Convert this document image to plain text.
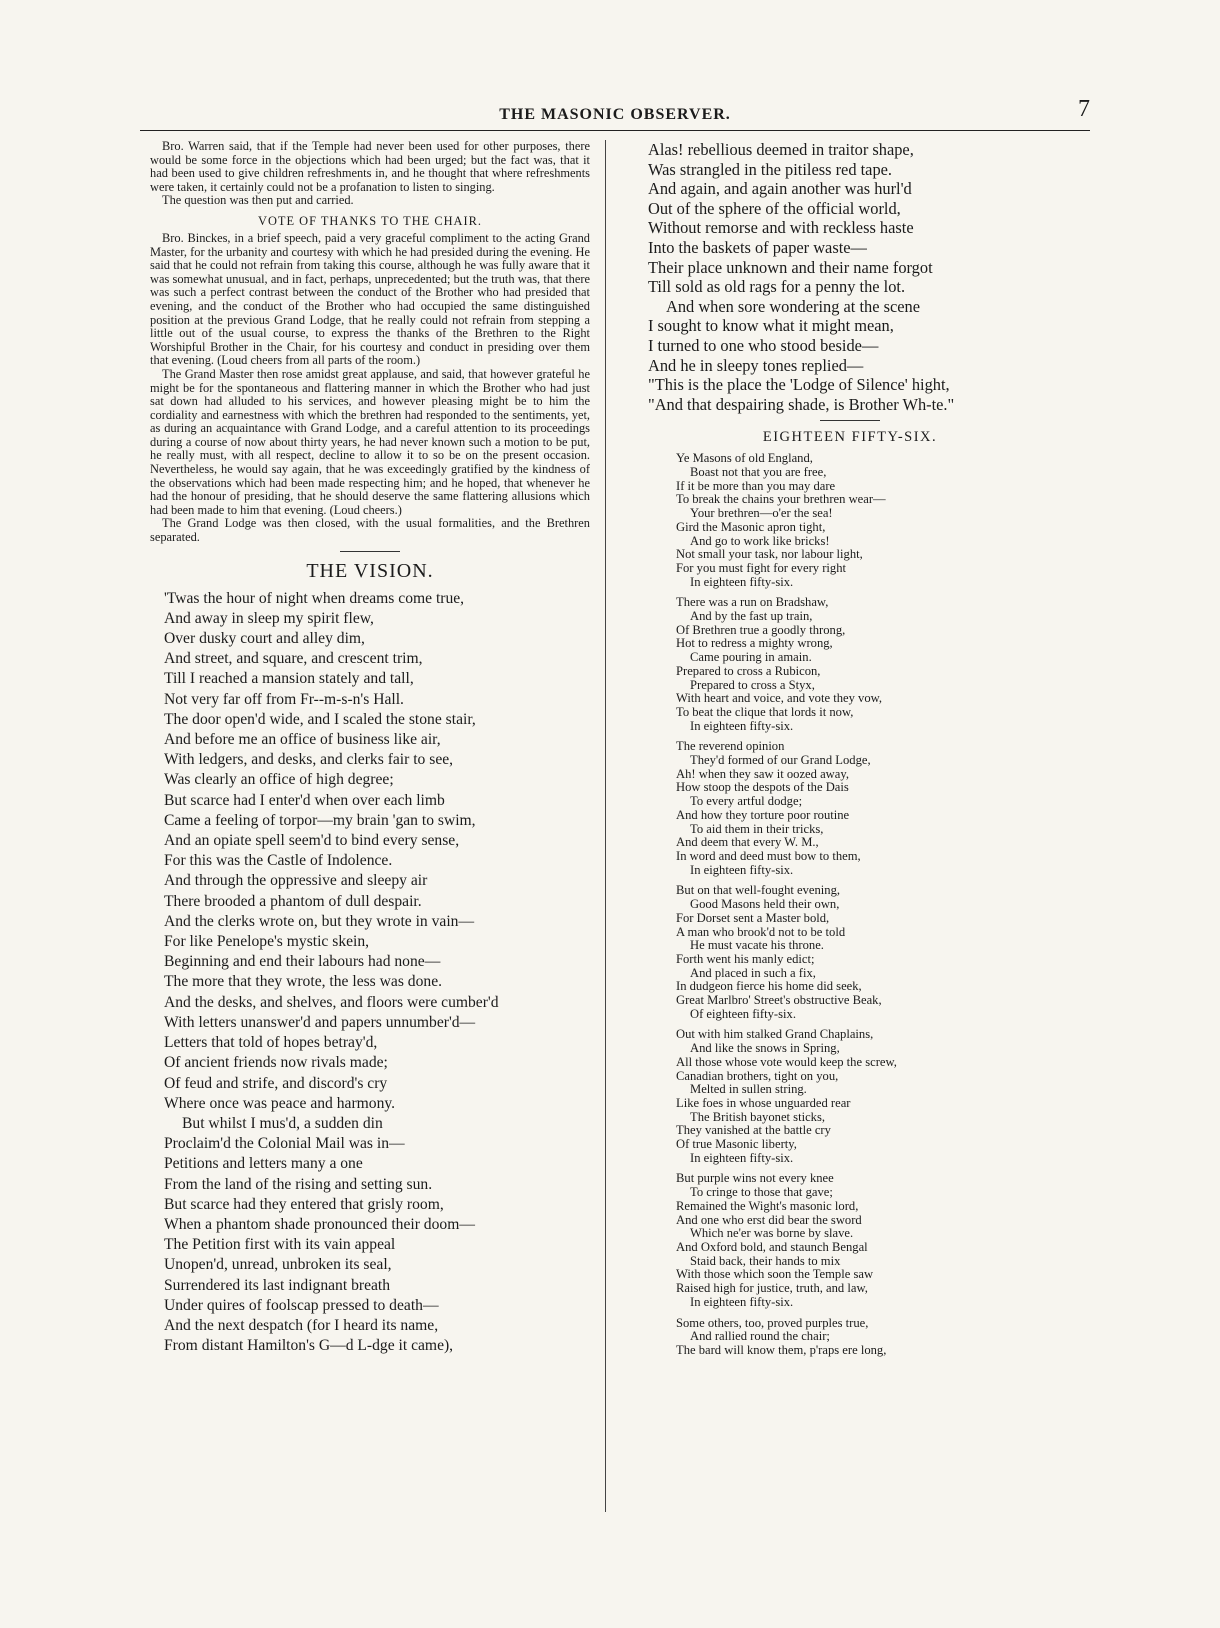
THE MASONIC OBSERVER.	7

Bro. Warren said, that if the Temple had never been used for other purposes, there would be some force in the objections which had been urged; but the fact was, that it had been used to give children refreshments in, and he thought that where refreshments were taken, it certainly could not be a profanation to listen to singing.

The question was then put and carried.

VOTE OF THANKS TO THE CHAIR.

Bro. Binckes, in a brief speech, paid a very graceful compliment to the acting Grand Master, for the urbanity and courtesy with which he had presided during the evening. He said that he could not refrain from taking this course, although he was fully aware that it was somewhat unusual, and in fact, perhaps, unprecedented; but the truth was, that there was such a perfect contrast between the conduct of the Brother who had presided that evening, and the conduct of the Brother who had occupied the same distinguished position at the previous Grand Lodge, that he really could not refrain from stepping a little out of the usual course, to express the thanks of the Brethren to the Right Worshipful Brother in the Chair, for his courtesy and conduct in presiding over them that evening. (Loud cheers from all parts of the room.)

The Grand Master then rose amidst great applause, and said, that however grateful he might be for the spontaneous and flattering manner in which the Brother who had just sat down had alluded to his services, and however pleasing might be to him the cordiality and earnestness with which the brethren had responded to the sentiments, yet, as during an acquaintance with Grand Lodge, and a careful attention to its proceedings during a course of now about thirty years, he had never known such a motion to be put, he really must, with all respect, decline to allow it to so be on the present occasion. Nevertheless, he would say again, that he was exceedingly gratified by the kindness of the observations which had been made respecting him; and he hoped, that whenever he had the honour of presiding, that he should deserve the same flattering allusions which had been made to him that evening. (Loud cheers.)

The Grand Lodge was then closed, with the usual formalities, and the Brethren separated.

THE VISION.
'Twas the hour of night when dreams come true,
And away in sleep my spirit flew,
Over dusky court and alley dim,
And street, and square, and crescent trim,
Till I reached a mansion stately and tall,
Not very far off from Fr--m-s-n's Hall.
The door open'd wide, and I scaled the stone stair,
And before me an office of business like air,
With ledgers, and desks, and clerks fair to see,
Was clearly an office of high degree;
But scarce had I enter'd when over each limb
Came a feeling of torpor—my brain 'gan to swim,
And an opiate spell seem'd to bind every sense,
For this was the Castle of Indolence.
And through the oppressive and sleepy air
There brooded a phantom of dull despair.
And the clerks wrote on, but they wrote in vain—
For like Penelope's mystic skein,
Beginning and end their labours had none—
The more that they wrote, the less was done.
And the desks, and shelves, and floors were cumber'd
With letters unanswer'd and papers unnumber'd—
Letters that told of hopes betray'd,
Of ancient friends now rivals made;
Of feud and strife, and discord's cry
Where once was peace and harmony.
But whilst I mus'd, a sudden din
Proclaim'd the Colonial Mail was in—
Petitions and letters many a one
From the land of the rising and setting sun.
But scarce had they entered that grisly room,
When a phantom shade pronounced their doom—
The Petition first with its vain appeal
Unopen'd, unread, unbroken its seal,
Surrendered its last indignant breath
Under quires of foolscap pressed to death—
And the next despatch (for I heard its name,
From distant Hamilton's G—d L-dge it came),
Alas! rebellious deemed in traitor shape,
Was strangled in the pitiless red tape.
And again, and again another was hurl'd
Out of the sphere of the official world,
Without remorse and with reckless haste
Into the baskets of paper waste—
Their place unknown and their name forgot
Till sold as old rags for a penny the lot.
And when sore wondering at the scene
I sought to know what it might mean,
I turned to one who stood beside—
And he in sleepy tones replied—
"This is the place the 'Lodge of Silence' hight,
"And that despairing shade, is Brother Wh-te."
EIGHTEEN FIFTY-SIX.
Ye Masons of old England,
Boast not that you are free,
If it be more than you may dare
To break the chains your brethren wear—
Your brethren—o'er the sea!
Gird the Masonic apron tight,
And go to work like bricks!
Not small your task, nor labour light,
For you must fight for every right
In eighteen fifty-six.
There was a run on Bradshaw,
And by the fast up train,
Of Brethren true a goodly throng,
Hot to redress a mighty wrong,
Came pouring in amain.
Prepared to cross a Rubicon,
Prepared to cross a Styx,
With heart and voice, and vote they vow,
To beat the clique that lords it now,
In eighteen fifty-six.
The reverend opinion
They'd formed of our Grand Lodge,
Ah! when they saw it oozed away,
How stoop the despots of the Dais
To every artful dodge;
And how they torture poor routine
To aid them in their tricks,
And deem that every W. M.,
In word and deed must bow to them,
In eighteen fifty-six.
But on that well-fought evening,
Good Masons held their own,
For Dorset sent a Master bold,
A man who brook'd not to be told
He must vacate his throne.
Forth went his manly edict;
And placed in such a fix,
In dudgeon fierce his home did seek,
Great Marlbro' Street's obstructive Beak,
Of eighteen fifty-six.
Out with him stalked Grand Chaplains,
And like the snows in Spring,
All those whose vote would keep the screw,
Canadian brothers, tight on you,
Melted in sullen string.
Like foes in whose unguarded rear
The British bayonet sticks,
They vanished at the battle cry
Of true Masonic liberty,
In eighteen fifty-six.
But purple wins not every knee
To cringe to those that gave;
Remained the Wight's masonic lord,
And one who erst did bear the sword
Which ne'er was borne by slave.
And Oxford bold, and staunch Bengal
Staid back, their hands to mix
With those which soon the Temple saw
Raised high for justice, truth, and law,
In eighteen fifty-six.
Some others, too, proved purples true,
And rallied round the chair;
The bard will know them, p'raps ere long,
